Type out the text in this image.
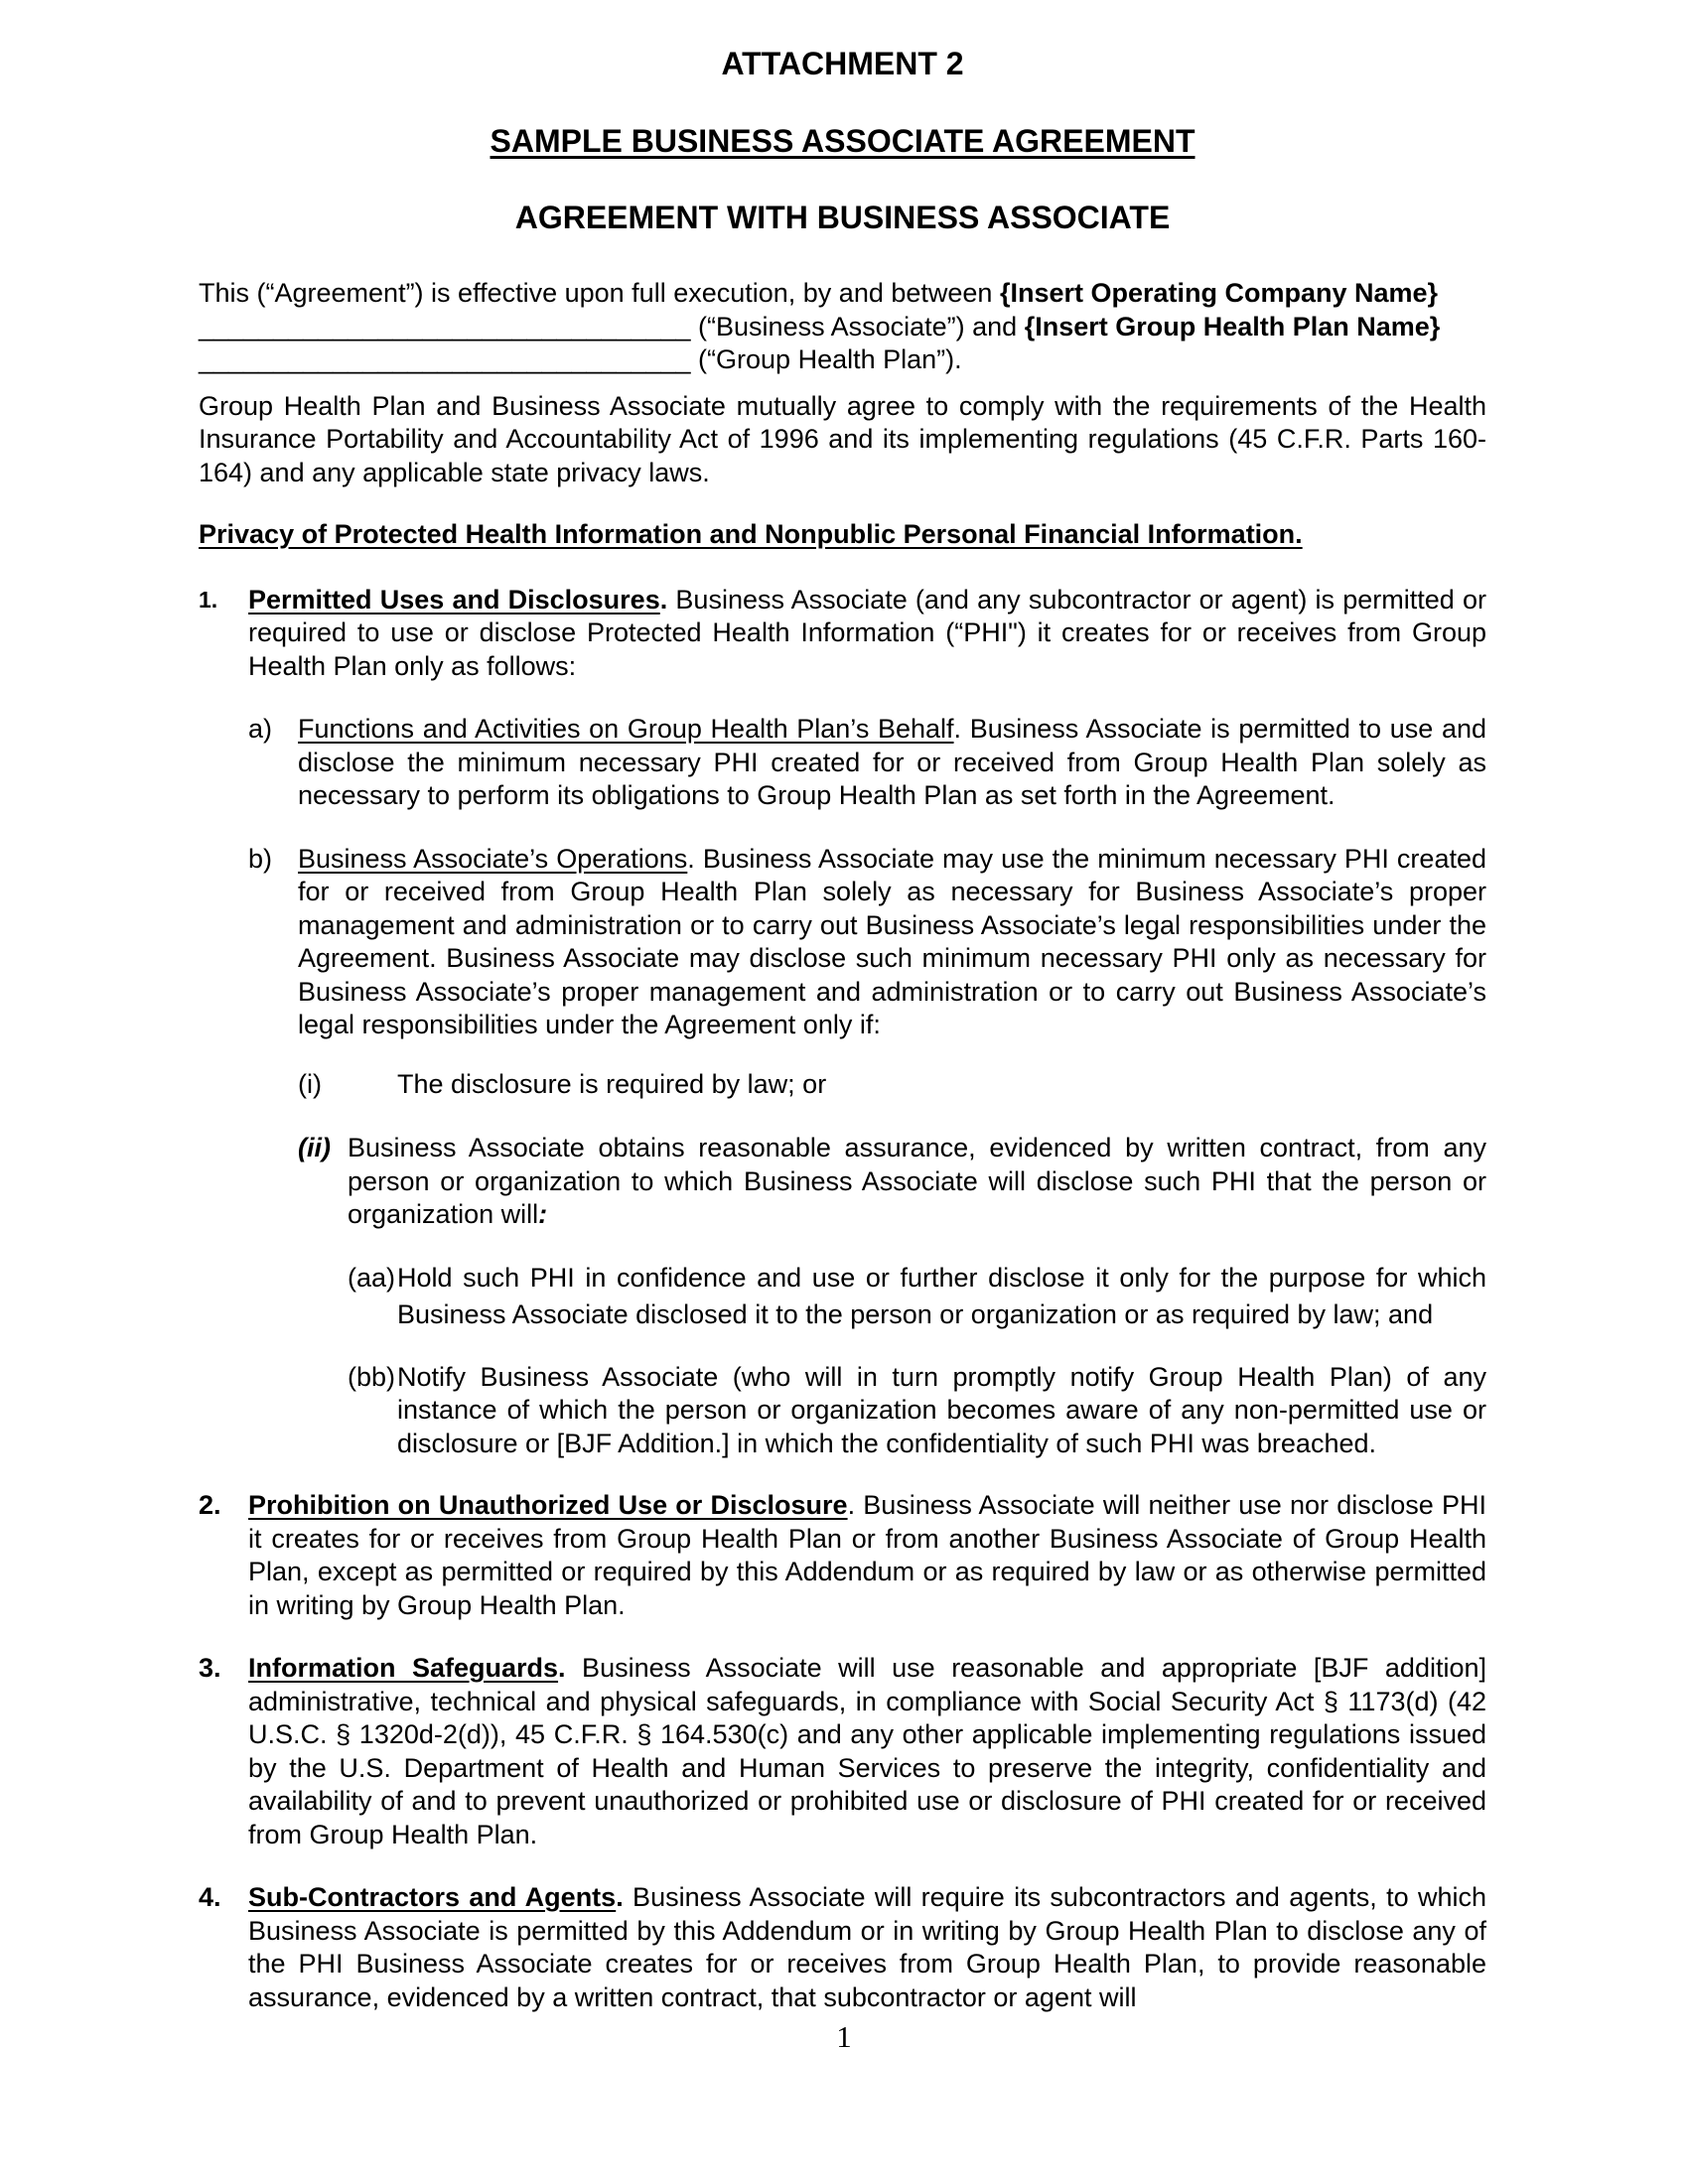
ATTACHMENT 2

SAMPLE BUSINESS ASSOCIATE AGREEMENT

AGREEMENT WITH BUSINESS ASSOCIATE

This (“Agreement”) is effective upon full execution, by and between {Insert Operating Company Name}
_________________________________ (“Business Associate”) and {Insert Group Health Plan Name} _________________________________ (“Group Health Plan”).

Group Health Plan and Business Associate mutually agree to comply with the requirements of the Health Insurance Portability and Accountability Act of 1996 and its implementing regulations (45 C.F.R. Parts 160-164) and any applicable state privacy laws.

Privacy of Protected Health Information and Nonpublic Personal Financial Information.

1. Permitted Uses and Disclosures. Business Associate (and any subcontractor or agent) is permitted or required to use or disclose Protected Health Information (“PHI") it creates for or receives from Group Health Plan only as follows:
a) Functions and Activities on Group Health Plan’s Behalf. Business Associate is permitted to use and disclose the minimum necessary PHI created for or received from Group Health Plan solely as necessary to perform its obligations to Group Health Plan as set forth in the Agreement.
b) Business Associate’s Operations. Business Associate may use the minimum necessary PHI created for or received from Group Health Plan solely as necessary for Business Associate’s proper management and administration or to carry out Business Associate’s legal responsibilities under the Agreement. Business Associate may disclose such minimum necessary PHI only as necessary for Business Associate’s proper management and administration or to carry out Business Associate’s legal responsibilities under the Agreement only if:
(i)	The disclosure is required by law; or
(ii) Business Associate obtains reasonable assurance, evidenced by written contract, from any person or organization to which Business Associate will disclose such PHI that the person or organization will:
(aa) Hold such PHI in confidence and use or further disclose it only for the purpose for which Business Associate disclosed it to the person or organization or as required by law; and
(bb) Notify Business Associate (who will in turn promptly notify Group Health Plan) of any instance of which the person or organization becomes aware of any non-permitted use or disclosure or [BJF Addition.] in which the confidentiality of such PHI was breached.
2. Prohibition on Unauthorized Use or Disclosure. Business Associate will neither use nor disclose PHI it creates for or receives from Group Health Plan or from another Business Associate of Group Health Plan, except as permitted or required by this Addendum or as required by law or as otherwise permitted in writing by Group Health Plan.
3. Information Safeguards. Business Associate will use reasonable and appropriate [BJF addition] administrative, technical and physical safeguards, in compliance with Social Security Act § 1173(d) (42 U.S.C. § 1320d-2(d)), 45 C.F.R. § 164.530(c) and any other applicable implementing regulations issued by the U.S. Department of Health and Human Services to preserve the integrity, confidentiality and availability of and to prevent unauthorized or prohibited use or disclosure of PHI created for or received from Group Health Plan.
4. Sub-Contractors and Agents. Business Associate will require its subcontractors and agents, to which Business Associate is permitted by this Addendum or in writing by Group Health Plan to disclose any of the PHI Business Associate creates for or receives from Group Health Plan, to provide reasonable assurance, evidenced by a written contract, that subcontractor or agent will
1
